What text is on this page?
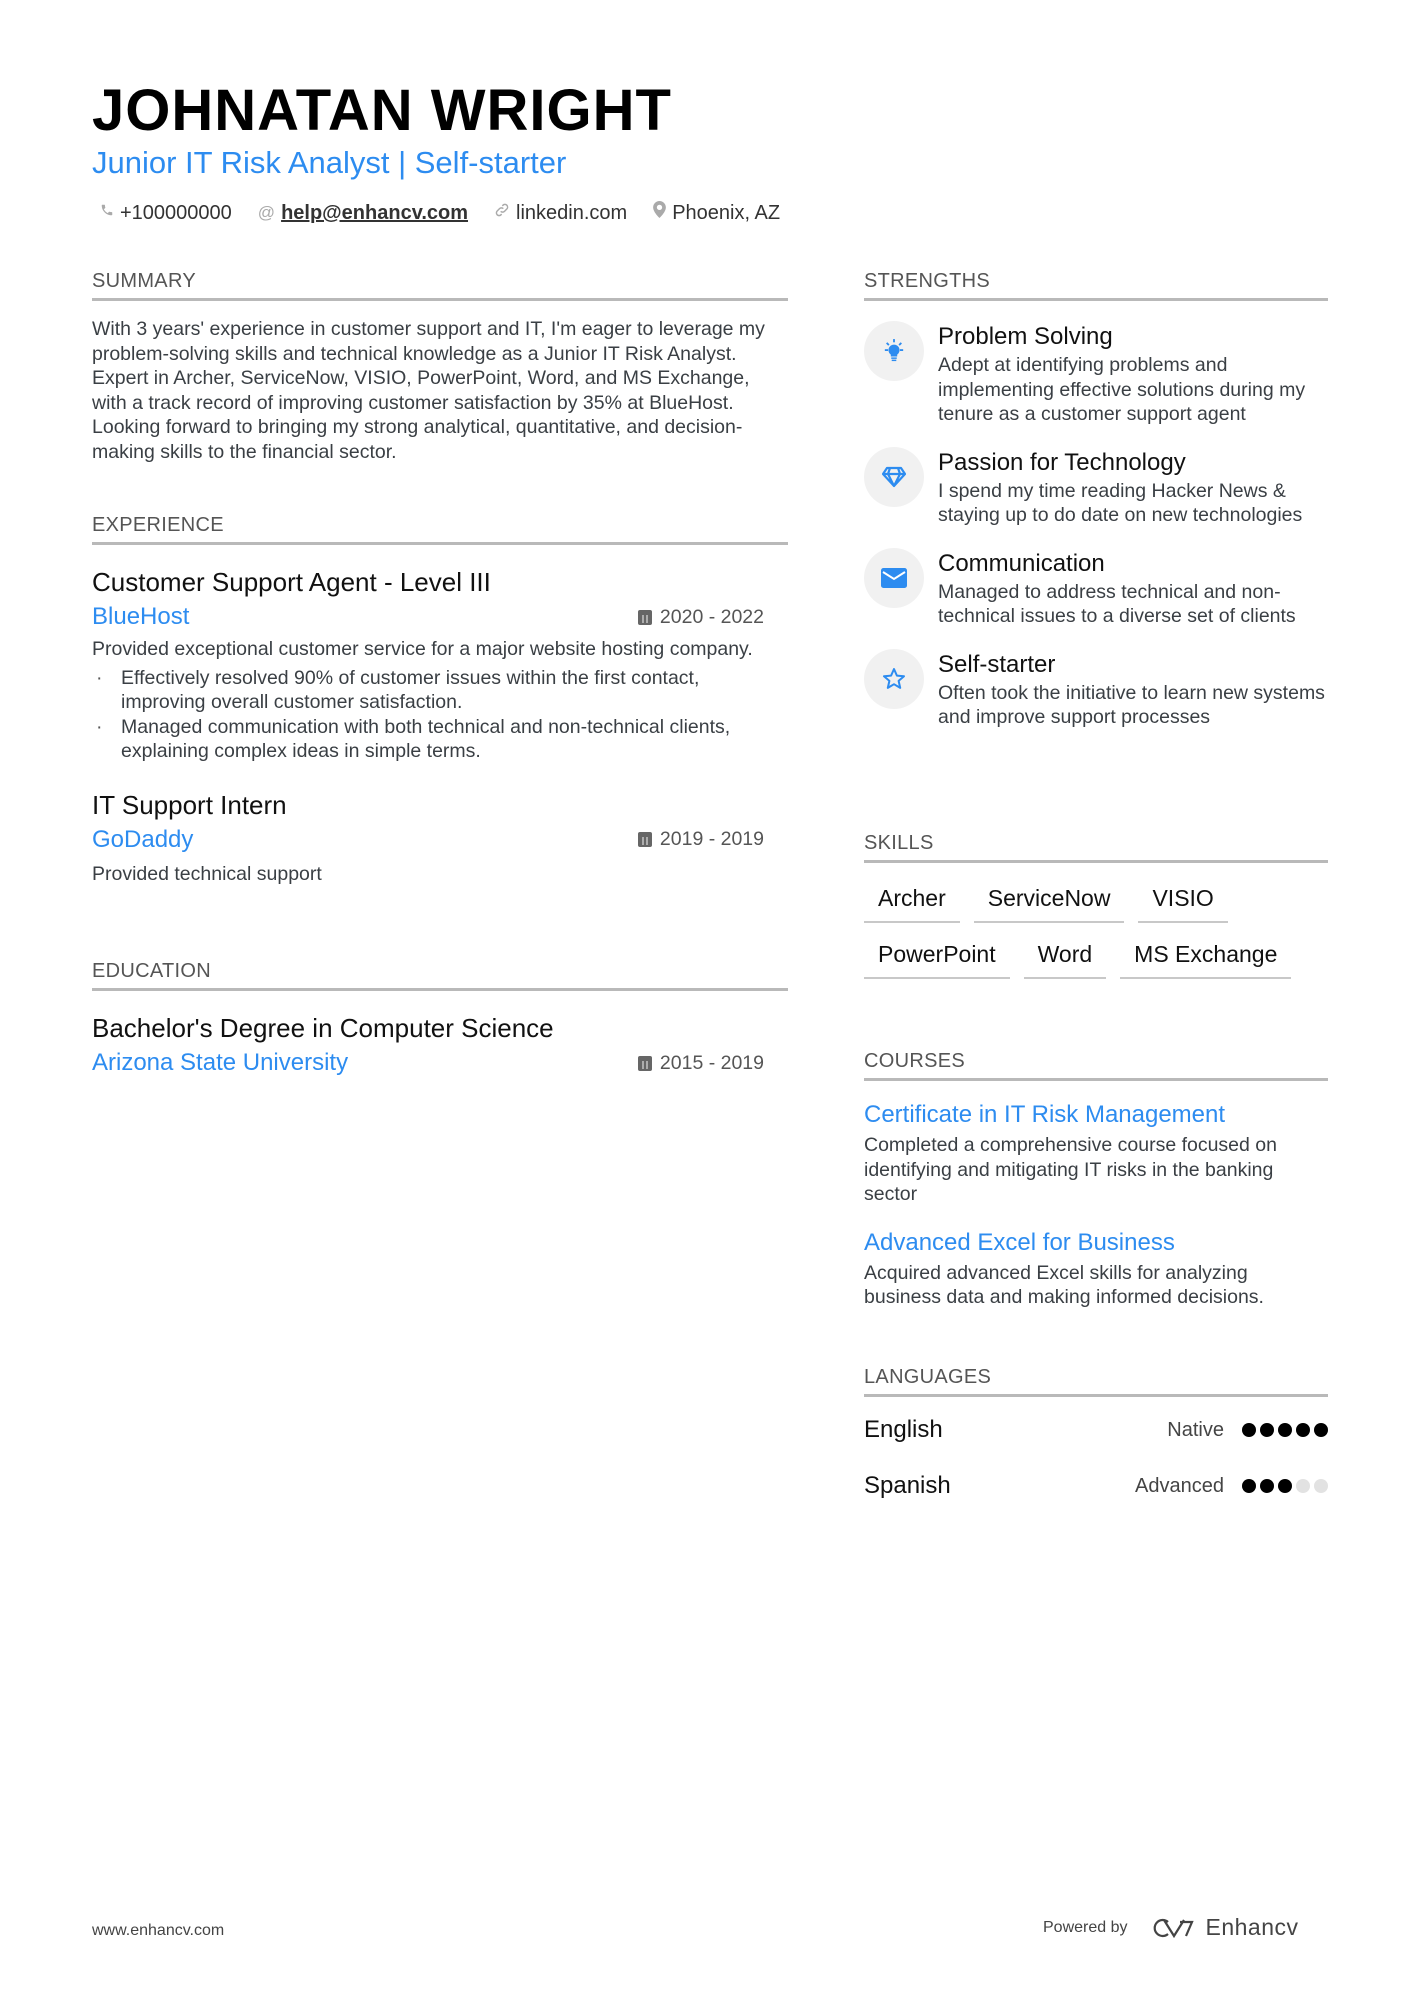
JOHNATAN WRIGHT
Junior IT Risk Analyst | Self-starter
+100000000 @ help@enhancv.com linkedin.com Phoenix, AZ
SUMMARY
With 3 years' experience in customer support and IT, I'm eager to leverage my problem-solving skills and technical knowledge as a Junior IT Risk Analyst. Expert in Archer, ServiceNow, VISIO, PowerPoint, Word, and MS Exchange, with a track record of improving customer satisfaction by 35% at BlueHost. Looking forward to bringing my strong analytical, quantitative, and decision-making skills to the financial sector.
EXPERIENCE
Customer Support Agent - Level III
BlueHost	2020 - 2022
Provided exceptional customer service for a major website hosting company.
· Effectively resolved 90% of customer issues within the first contact, improving overall customer satisfaction.
· Managed communication with both technical and non-technical clients, explaining complex ideas in simple terms.
IT Support Intern
GoDaddy	2019 - 2019
Provided technical support
EDUCATION
Bachelor's Degree in Computer Science
Arizona State University	2015 - 2019
STRENGTHS
Problem Solving
Adept at identifying problems and implementing effective solutions during my tenure as a customer support agent
Passion for Technology
I spend my time reading Hacker News & staying up to do date on new technologies
Communication
Managed to address technical and non-technical issues to a diverse set of clients
Self-starter
Often took the initiative to learn new systems and improve support processes
SKILLS
Archer	ServiceNow	VISIO
PowerPoint	Word	MS Exchange
COURSES
Certificate in IT Risk Management
Completed a comprehensive course focused on identifying and mitigating IT risks in the banking sector
Advanced Excel for Business
Acquired advanced Excel skills for analyzing business data and making informed decisions.
LANGUAGES
English	Native
Spanish	Advanced
www.enhancv.com	Powered by	Enhancv
